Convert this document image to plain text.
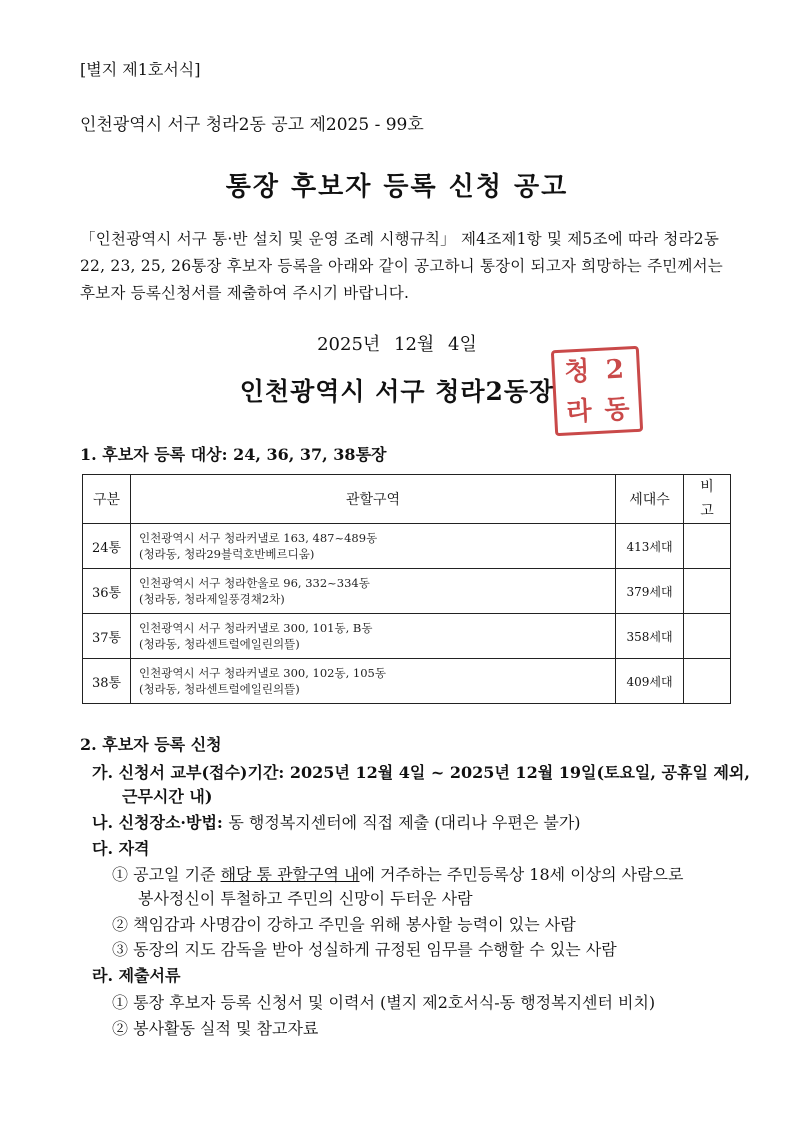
[별지 제1호서식]
인천광역시 서구 청라2동 공고 제2025 - 99호
통장 후보자 등록 신청 공고
「인천광역시 서구 통·반 설치 및 운영 조례 시행규칙」 제4조제1항 및 제5조에 따라 청라2동 22, 23, 25, 26통장 후보자 등록을 아래와 같이 공고하니 통장이 되고자 희망하는 주민께서는 후보자 등록신청서를 제출하여 주시기 바랍니다.
2025년 12월 4일
인천광역시 서구 청라2동장
청 2
라 동
1. 후보자 등록 대상: 24, 36, 37, 38통장
구분	관할구역	세대수	비
고

24통	인천광역시 서구 청라커낼로 163, 487~489동
(청라동, 청라29블럭호반베르디움)	413세대	
36통	인천광역시 서구 청라한울로 96, 332~334동
(청라동, 청라제일풍경채2차)	379세대	
37통	인천광역시 서구 청라커낼로 300, 101동, B동
(청라동, 청라센트럴에일린의뜰)	358세대	
38통	인천광역시 서구 청라커낼로 300, 102동, 105동
(청라동, 청라센트럴에일린의뜰)	409세대	
2. 후보자 등록 신청
가. 신청서 교부(접수)기간: 2025년 12월 4일 ~ 2025년 12월 19일(토요일, 공휴일 제외,
근무시간 내)
나. 신청장소·방법: 동 행정복지센터에 직접 제출 (대리나 우편은 불가)
다. 자격
① 공고일 기준 해당 통 관할구역 내에 거주하는 주민등록상 18세 이상의 사람으로
봉사정신이 투철하고 주민의 신망이 두터운 사람
② 책임감과 사명감이 강하고 주민을 위해 봉사할 능력이 있는 사람
③ 동장의 지도 감독을 받아 성실하게 규정된 임무를 수행할 수 있는 사람
라. 제출서류
① 통장 후보자 등록 신청서 및 이력서 (별지 제2호서식-동 행정복지센터 비치)
② 봉사활동 실적 및 참고자료
